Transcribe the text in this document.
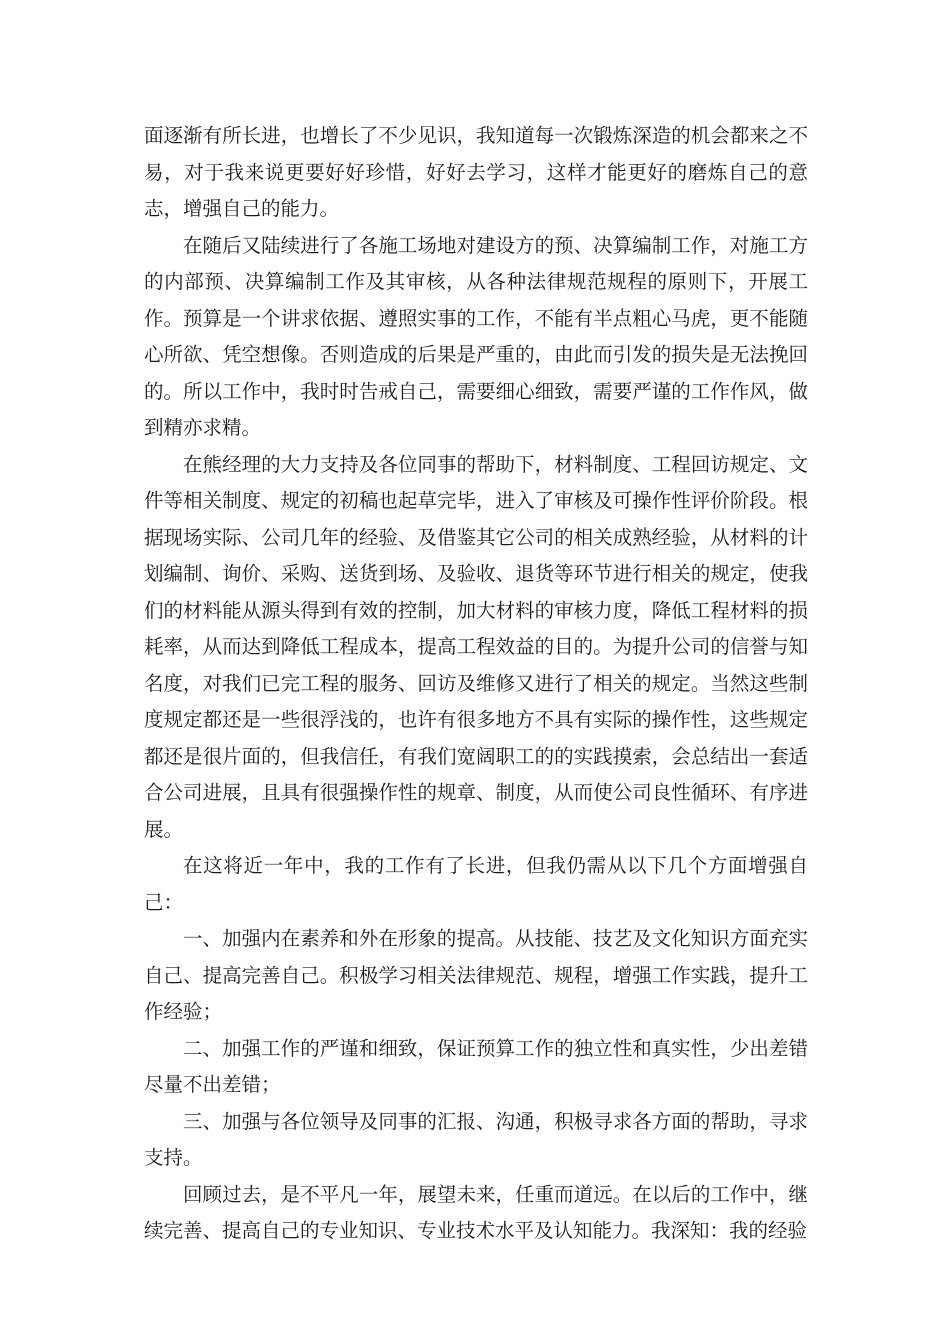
面逐渐有所长进，也增长了不少见识，我知道每一次锻炼深造的机会都来之不易，对于我来说更要好好珍惜，好好去学习，这样才能更好的磨炼自己的意志，增强自己的能力。

在随后又陆续进行了各施工场地对建设方的预、决算编制工作，对施工方的内部预、决算编制工作及其审核，从各种法律规范规程的原则下，开展工作。预算是一个讲求依据、遵照实事的工作，不能有半点粗心马虎，更不能随心所欲、凭空想像。否则造成的后果是严重的，由此而引发的损失是无法挽回的。所以工作中，我时时告戒自己，需要细心细致，需要严谨的工作作风，做到精亦求精。

在熊经理的大力支持及各位同事的帮助下，材料制度、工程回访规定、文件等相关制度、规定的初稿也起草完毕，进入了审核及可操作性评价阶段。根据现场实际、公司几年的经验、及借鉴其它公司的相关成熟经验，从材料的计划编制、询价、采购、送货到场、及验收、退货等环节进行相关的规定，使我们的材料能从源头得到有效的控制，加大材料的审核力度，降低工程材料的损耗率，从而达到降低工程成本，提高工程效益的目的。为提升公司的信誉与知名度，对我们已完工程的服务、回访及维修又进行了相关的规定。当然这些制度规定都还是一些很浮浅的，也许有很多地方不具有实际的操作性，这些规定都还是很片面的，但我信任，有我们宽阔职工的的实践摸索，会总结出一套适合公司进展，且具有很强操作性的规章、制度，从而使公司良性循环、有序进展。

在这将近一年中，我的工作有了长进，但我仍需从以下几个方面增强自己：

一、加强内在素养和外在形象的提高。从技能、技艺及文化知识方面充实自己、提高完善自己。积极学习相关法律规范、规程，增强工作实践，提升工作经验；

二、加强工作的严谨和细致，保证预算工作的独立性和真实性，少出差错尽量不出差错；

三、加强与各位领导及同事的汇报、沟通，积极寻求各方面的帮助，寻求支持。

回顾过去，是不平凡一年，展望未来，任重而道远。在以后的工作中，继续完善、提高自己的专业知识、专业技术水平及认知能力。我深知：我的经验
